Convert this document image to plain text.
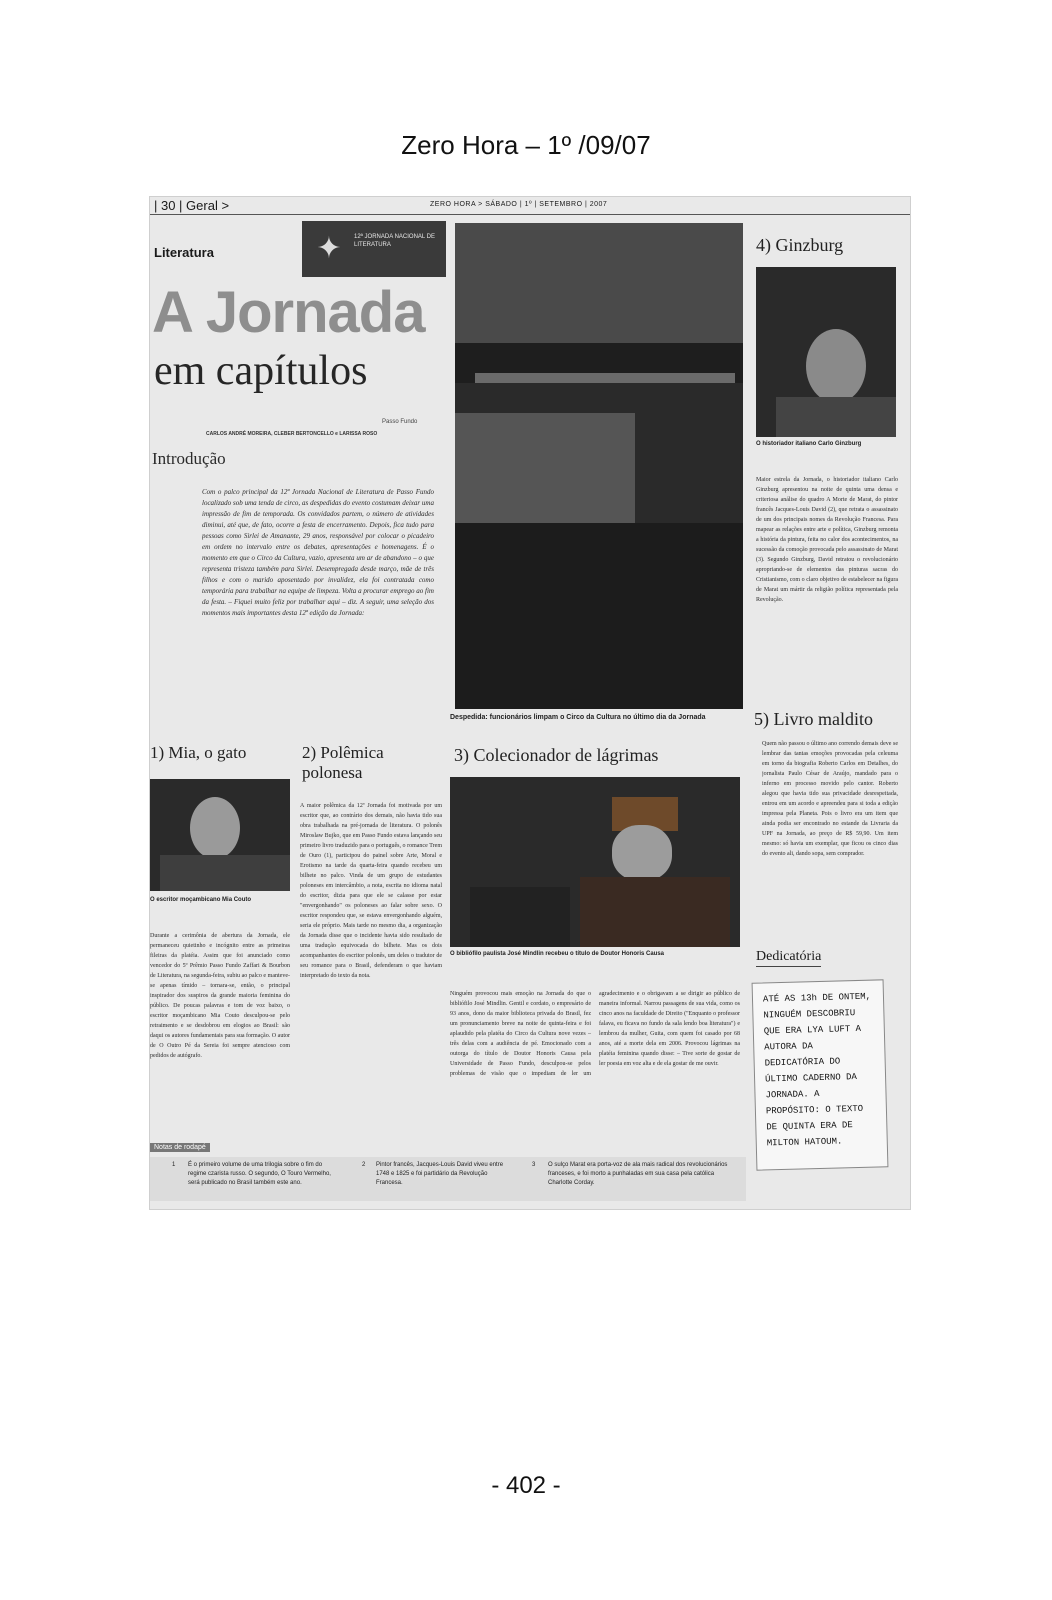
Zero Hora – 1º /09/07
| 30 | Geral >	ZERO HORA > SÁBADO | 1º | SETEMBRO | 2007
Literatura	✦	12ª JORNADA NACIONAL DE LITERATURA
A Jornada
em capítulos
Passo Fundo
CARLOS ANDRÉ MOREIRA, CLEBER BERTONCELLO e LARISSA ROSO
Introdução
Com o palco principal da 12ª Jornada Nacional de Literatura de Passo Fundo localizado sob uma tenda de circo, as despedidas do evento costumam deixar uma impressão de fim de temporada. Os convidados partem, o número de atividades diminui, até que, de fato, ocorre a festa de encerramento. Depois, fica tudo para pessoas como Sirlei de Amanante, 29 anos, responsável por colocar o picadeiro em ordem no intervalo entre os debates, apresentações e homenagens. É o momento em que o Circo da Cultura, vazio, apresenta um ar de abandono – o que representa tristeza também para Sirlei. Desempregada desde março, mãe de três filhos e com o marido aposentado por invalidez, ela foi contratada como temporária para trabalhar na equipe de limpeza. Volta a procurar emprego ao fim da festa. – Fiquei muito feliz por trabalhar aqui – diz. A seguir, uma seleção dos momentos mais importantes desta 12ª edição da Jornada:
Despedida: funcionários limpam o Circo da Cultura no último dia da Jornada
4) Ginzburg
O historiador italiano Carlo Ginzburg
Maior estrela da Jornada, o historiador italiano Carlo Ginzburg apresentou na noite de quinta uma densa e criteriosa análise do quadro A Morte de Marat, do pintor francês Jacques-Louis David (2), que retrata o assassinato de um dos principais nomes da Revolução Francesa. Para mapear as relações entre arte e política, Ginzburg remonta a história da pintura, feita no calor dos acontecimentos, na sucessão da comoção provocada pelo assassinato de Marat (3). Segundo Ginzburg, David retratou o revolucionário apropriando-se de elementos das pinturas sacras do Cristianismo, com o claro objetivo de estabelecer na figura de Marat um mártir da religião política representada pela Revolução.
5) Livro maldito
Quem não passou o último ano correndo demais deve se lembrar das tantas emoções provocadas pela celeuma em torno da biografia Roberto Carlos em Detalhes, do jornalista Paulo César de Araújo, mandado para o inferno em processo movido pelo cantor. Roberto alegou que havia tido sua privacidade desrespeitada, entrou em um acordo e apreendeu para si toda a edição impressa pela Planeta. Pois o livro era um item que ainda podia ser encontrado no estande da Livraria da UPF na Jornada, ao preço de R$ 59,90. Um item mesmo: só havia um exemplar, que ficou os cinco dias do evento ali, dando sopa, sem comprador.
1) Mia, o gato
O escritor moçambicano Mia Couto
Durante a cerimônia de abertura da Jornada, ele permaneceu quietinho e incógnito entre as primeiras fileiras da platéia. Assim que foi anunciado como vencedor do 5º Prêmio Passo Fundo Zaffari & Bourbon de Literatura, na segunda-feira, subiu ao palco e manteve-se apenas tímido – tornara-se, então, o principal inspirador dos suspiros da grande maioria feminina do público. De poucas palavras e tom de voz baixo, o escritor moçambicano Mia Couto desculpou-se pelo retraimento e se desdobrou em elogios ao Brasil: são daqui os autores fundamentais para sua formação. O autor de O Outro Pé da Sereia foi sempre atencioso com pedidos de autógrafo.
2) Polêmica polonesa
A maior polêmica da 12ª Jornada foi motivada por um escritor que, ao contrário dos demais, não havia tido sua obra trabalhada na pré-jornada de literatura. O polonês Miroslaw Bujko, que em Passo Fundo estava lançando seu primeiro livro traduzido para o português, o romance Trem de Ouro (1), participou do painel sobre Arte, Moral e Erotismo na tarde da quarta-feira quando recebeu um bilhete no palco. Vinda de um grupo de estudantes poloneses em intercâmbio, a nota, escrita no idioma natal do escritor, dizia para que ele se calasse por estar "envergonhando" os poloneses ao falar sobre sexo. O escritor respondeu que, se estava envergonhando alguém, seria ele próprio. Mais tarde no mesmo dia, a organização da Jornada disse que o incidente havia sido resultado de uma tradução equivocada do bilhete. Mas os dois acompanhantes do escritor polonês, um deles o tradutor de seu romance para o Brasil, defenderam o que haviam interpretado do texto da nota.
3) Colecionador de lágrimas
O bibliófilo paulista José Mindlin recebeu o título de Doutor Honoris Causa
Ninguém provocou mais emoção na Jornada do que o bibliófilo José Mindlin. Gentil e cordato, o empresário de 93 anos, dono da maior biblioteca privada do Brasil, fez um pronunciamento breve na noite de quinta-feira e foi aplaudido pela platéia do Circo da Cultura nove vezes – três delas com a audiência de pé. Emocionado com a outorga do título de Doutor Honoris Causa pela Universidade de Passo Fundo, desculpou-se pelos problemas de visão que o impediam de ler um agradecimento e o obrigavam a se dirigir ao público de maneira informal. Narrou passagens de sua vida, como os cinco anos na faculdade de Direito ("Enquanto o professor falava, eu ficava no fundo da sala lendo boa literatura") e lembrou da mulher, Guita, com quem foi casado por 68 anos, até a morte dela em 2006. Provocou lágrimas na platéia feminina quando disse: – Tive sorte de gostar de ler poesia em voz alta e de ela gostar de me ouvir.
Dedicatória
ATÉ AS 13h DE ONTEM, NINGUÉM DESCOBRIU QUE ERA LYA LUFT A AUTORA DA DEDICATÓRIA DO ÚLTIMO CADERNO DA JORNADA. A PROPÓSITO: O TEXTO DE QUINTA ERA DE MILTON HATOUM.
Notas de rodapé
1 É o primeiro volume de uma trilogia sobre o fim do regime czarista russo. O segundo, O Touro Vermelho, será publicado no Brasil também este ano.
2 Pintor francês, Jacques-Louis David viveu entre 1748 e 1825 e foi partidário da Revolução Francesa.
3 O sulço Marat era porta-voz de ala mais radical dos revolucionários franceses, e foi morto a punhaladas em sua casa pela católica Charlotte Corday.
- 402 -
